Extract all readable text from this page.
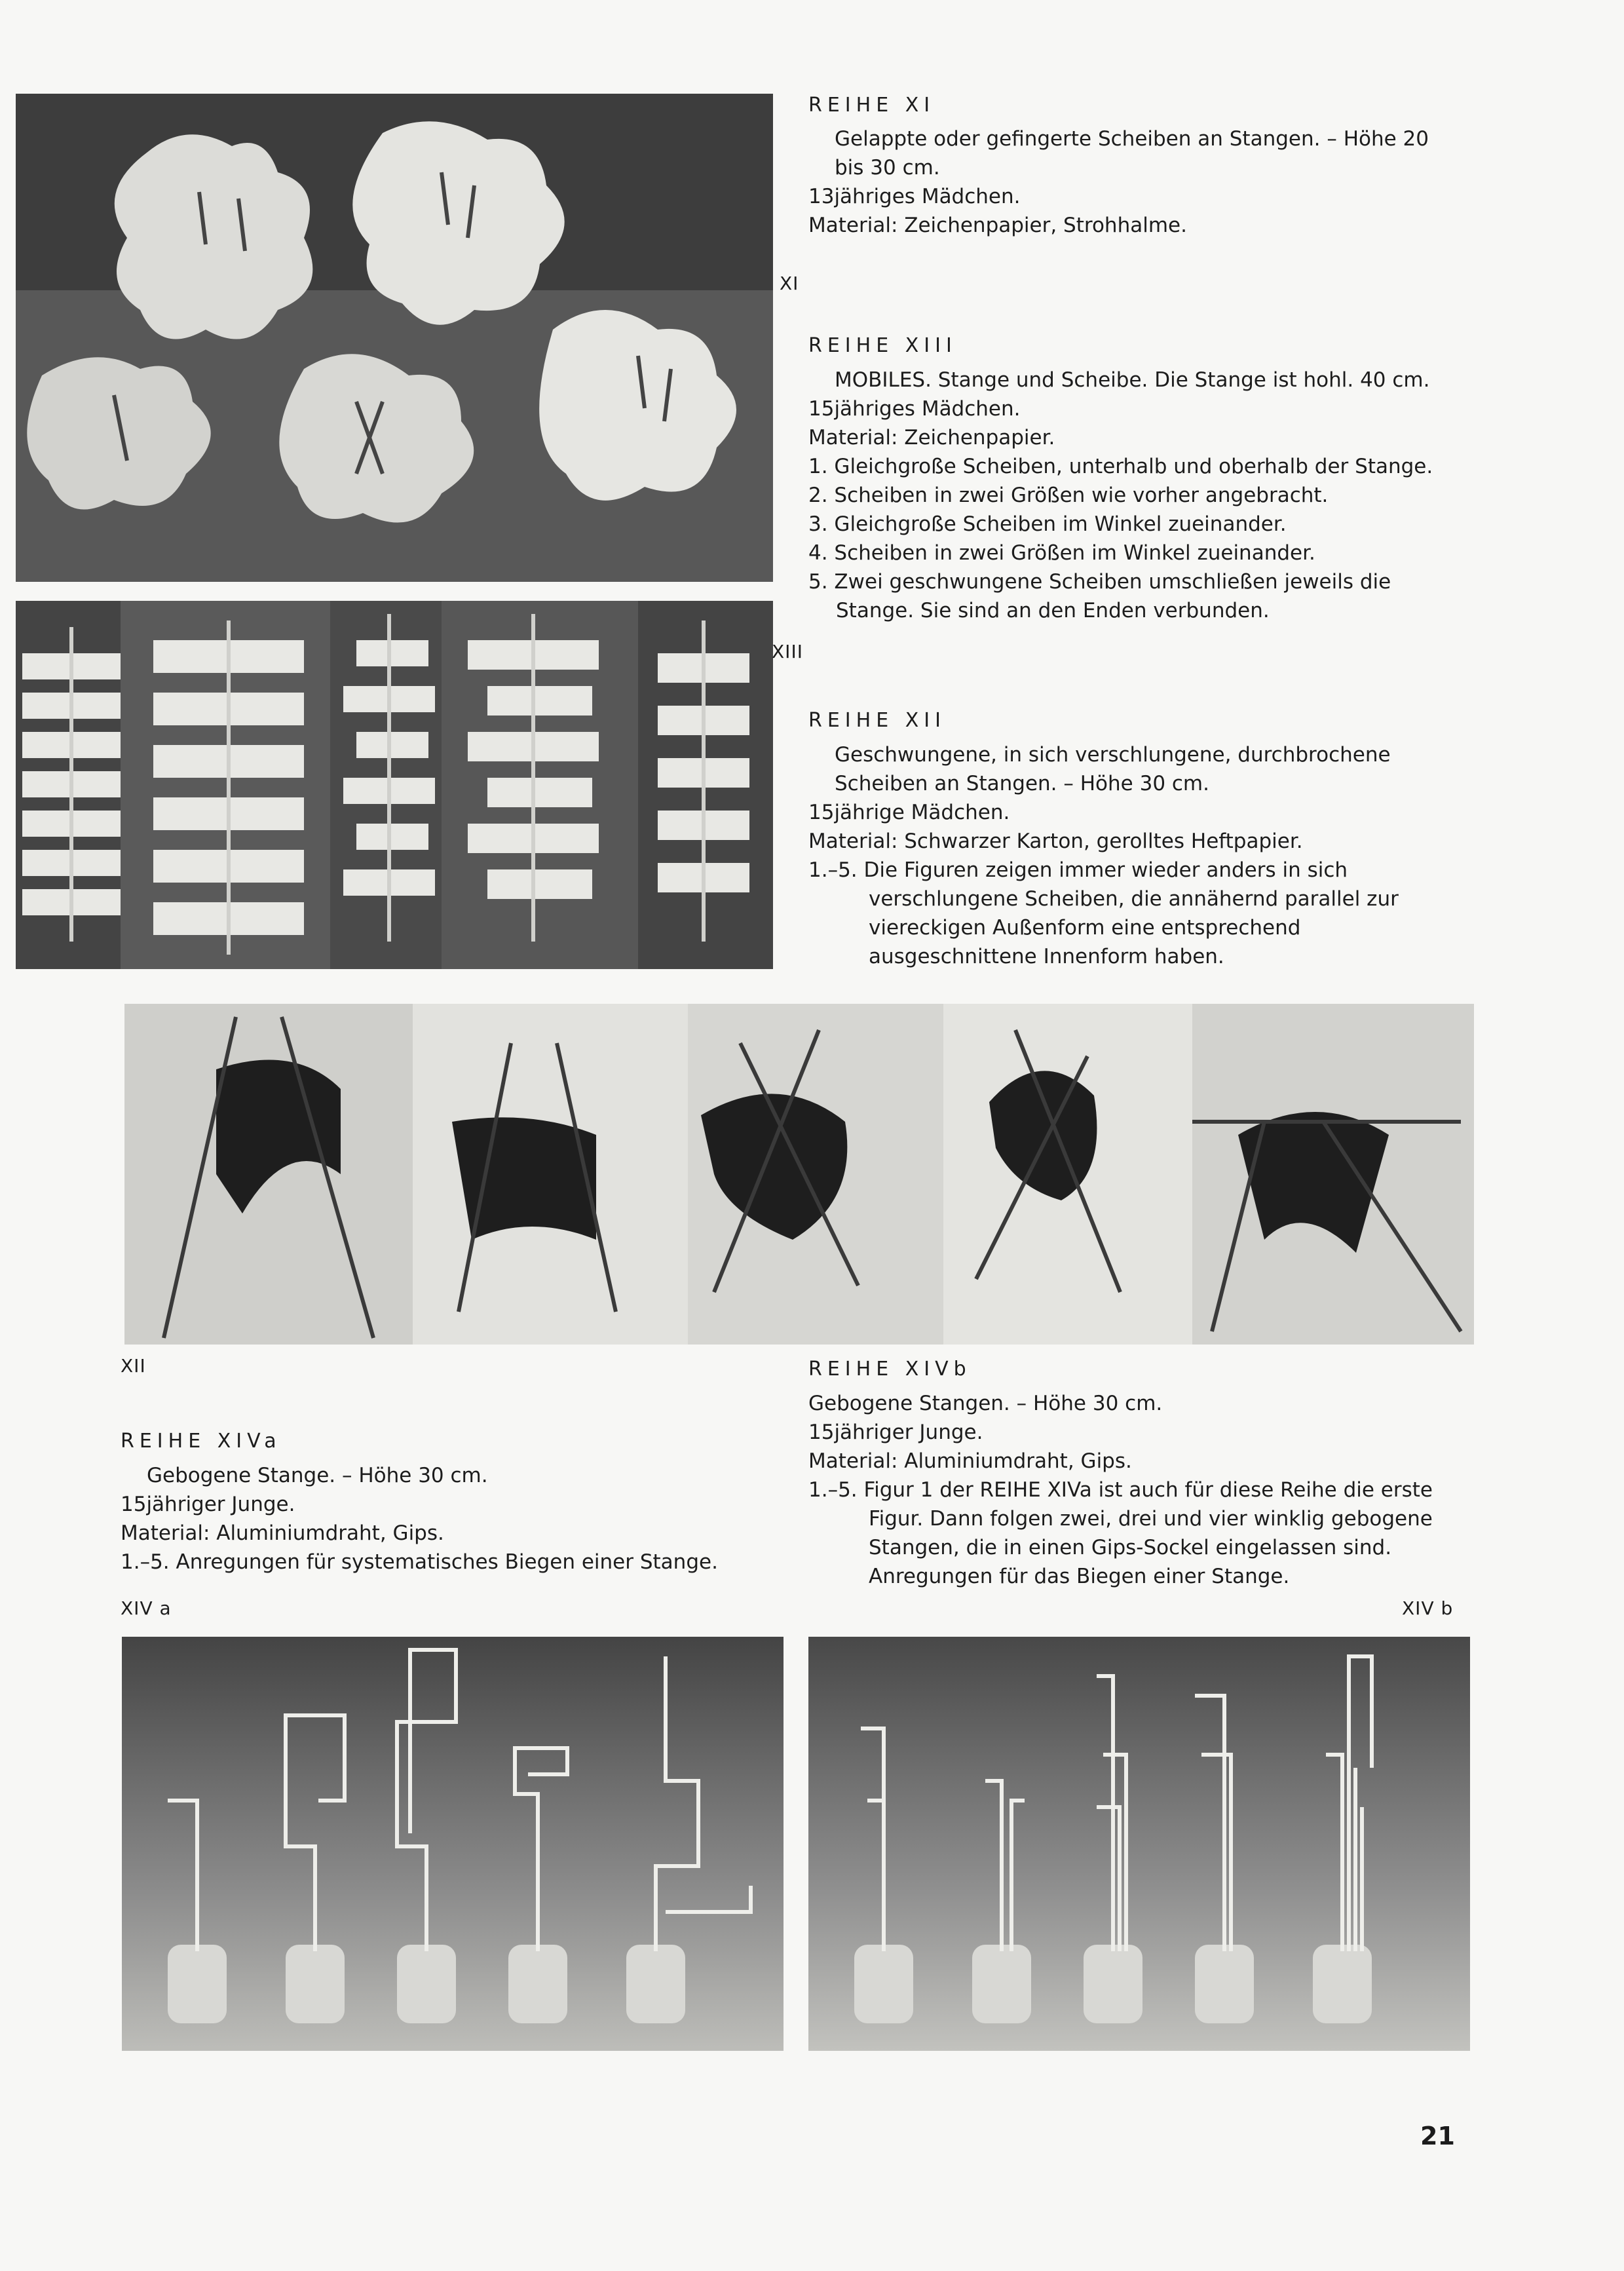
XI
XIII
REIHE XI

Gelappte oder gefingerte Scheiben an Stangen. – Höhe 20 bis 30 cm.

13jähriges Mädchen.

Material: Zeichenpapier, Strohhalme.

REIHE XIII

MOBILES. Stange und Scheibe. Die Stange ist hohl. 40 cm.

15jähriges Mädchen.

Material: Zeichenpapier.

1. Gleichgroße Scheiben, unterhalb und oberhalb der Stange.

2. Scheiben in zwei Größen wie vorher angebracht.

3. Gleichgroße Scheiben im Winkel zueinander.

4. Scheiben in zwei Größen im Winkel zueinander.

5. Zwei geschwungene Scheiben umschließen jeweils die Stange. Sie sind an den Enden verbunden.

REIHE XII

Geschwungene, in sich verschlungene, durchbrochene Scheiben an Stangen. – Höhe 30 cm.

15jährige Mädchen.

Material: Schwarzer Karton, gerolltes Heftpapier.

1.–5. Die Figuren zeigen immer wieder anders in sich verschlungene Scheiben, die annähernd parallel zur viereckigen Außenform eine entsprechend ausgeschnittene Innenform haben.

XII
REIHE XIVa

Gebogene Stange. – Höhe 30 cm.

15jähriger Junge.

Material: Aluminiumdraht, Gips.

1.–5. Anregungen für systematisches Biegen einer Stange.

XIV a
REIHE XIVb

Gebogene Stangen. – Höhe 30 cm.

15jähriger Junge.

Material: Aluminiumdraht, Gips.

1.–5. Figur 1 der REIHE XIVa ist auch für diese Reihe die erste Figur. Dann folgen zwei, drei und vier winklig gebogene Stangen, die in einen Gips-Sockel eingelassen sind. Anregungen für das Biegen einer Stange.

XIV b
21
